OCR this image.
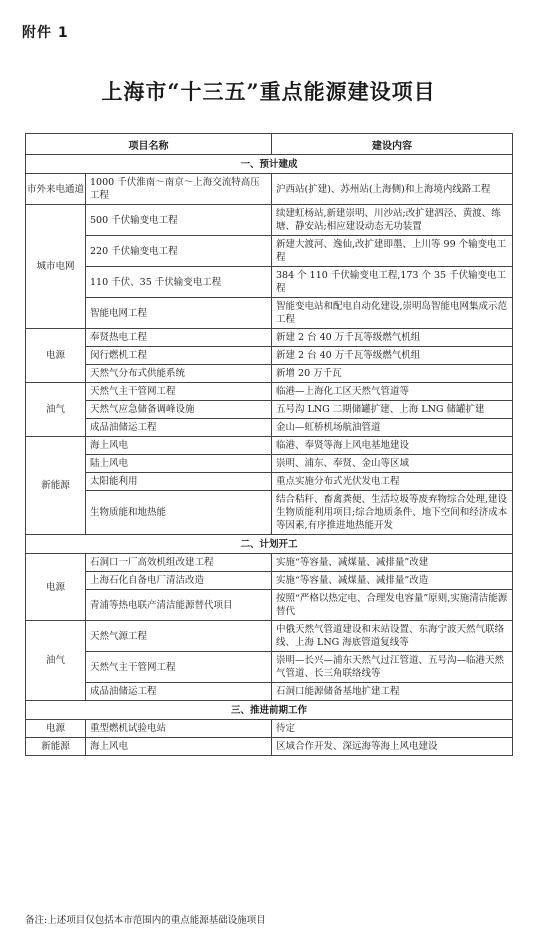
附件 1
上海市“十三五”重点能源建设项目
项目名称		建设内容
一、预计建成		
市外来电通道	1000 千伏淮南～南京～上海交流特高压工程	沪西站(扩建)、苏州站(上海侧)和上海境内线路工程
城市电网	500 千伏输变电工程	续建虹杨站,新建崇明、川沙站;改扩建泗泾、黄渡、练塘、静安站;相应建设动态无功装置
	220 千伏输变电工程	新建大渡河、逸仙,改扩建即墨、上川等 99 个输变电工程
	110 千伏、35 千伏输变电工程	384 个 110 千伏输变电工程,173 个 35 千伏输变电工程
	智能电网工程	智能变电站和配电自动化建设,崇明岛智能电网集成示范工程
电源	奉贤热电工程	新建 2 台 40 万千瓦等级燃气机组
	闵行燃机工程	新建 2 台 40 万千瓦等级燃气机组
	天然气分布式供能系统	新增 20 万千瓦
油气	天然气主干管网工程	临港—上海化工区天然气管道等
	天然气应急储备调峰设施	五号沟 LNG 二期储罐扩建、上海 LNG 储罐扩建
	成品油储运工程	金山—虹桥机场航油管道
新能源	海上风电	临港、奉贤等海上风电基地建设
	陆上风电	崇明、浦东、奉贤、金山等区域
	太阳能利用	重点实施分布式光伏发电工程
	生物质能和地热能	结合秸秆、畜禽粪便、生活垃圾等废弃物综合处理,建设生物质能利用项目;综合地质条件、地下空间和经济成本等因素,有序推进地热能开发
二、计划开工		
电源	石洞口一厂高效机组改建工程	实施“等容量、减煤量、减排量”改建
	上海石化自备电厂清洁改造	实施“等容量、减煤量、减排量”改造
	青浦等热电联产清洁能源替代项目	按照“严格以热定电、合理发电容量”原则,实施清洁能源替代
油气	天然气源工程	中俄天然气管道建设和末站设置、东海宁波天然气联络线、上海 LNG 海底管道复线等
	天然气主干管网工程	崇明—长兴—浦东天然气过江管道、五号沟—临港天然气管道、长三角联络线等
	成品油储运工程	石洞口能源储备基地扩建工程
三、推进前期工作		
电源	重型燃机试验电站	待定
新能源	海上风电	区域合作开发、深远海等海上风电建设
备注:上述项目仅包括本市范围内的重点能源基础设施项目
